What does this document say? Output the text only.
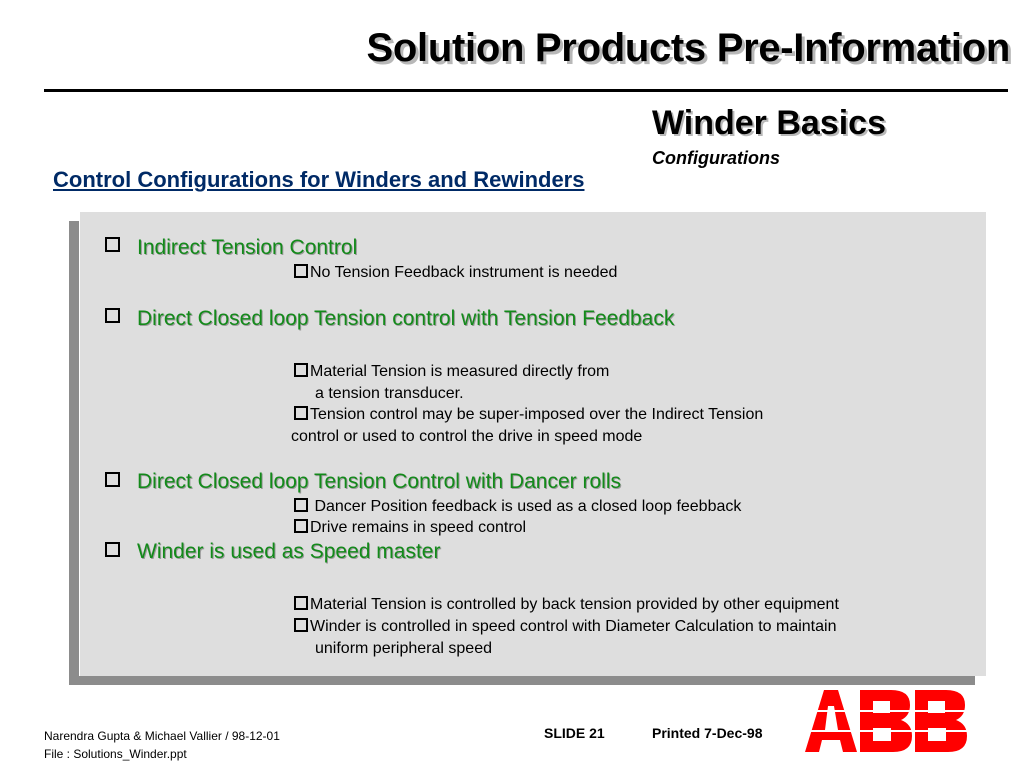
Solution Products Pre-Information
Winder Basics
Configurations
Control Configurations for Winders and Rewinders
Indirect Tension Control
No Tension Feedback instrument is needed
Direct Closed loop Tension control with Tension Feedback
Material Tension is measured directly from
a tension transducer.
Tension control may be super-imposed over the Indirect Tension
control or used to control the drive in speed mode
Direct Closed loop Tension Control with Dancer rolls
Dancer Position feedback is used as a closed loop feebback
Drive remains in speed control
Winder is used as Speed master
Material Tension is controlled by back tension provided by other equipment
Winder is controlled in speed control with Diameter Calculation to maintain
uniform peripheral speed
Narendra Gupta & Michael Vallier / 98-12-01
File : Solutions_Winder.ppt
SLIDE 21	Printed 7-Dec-98
